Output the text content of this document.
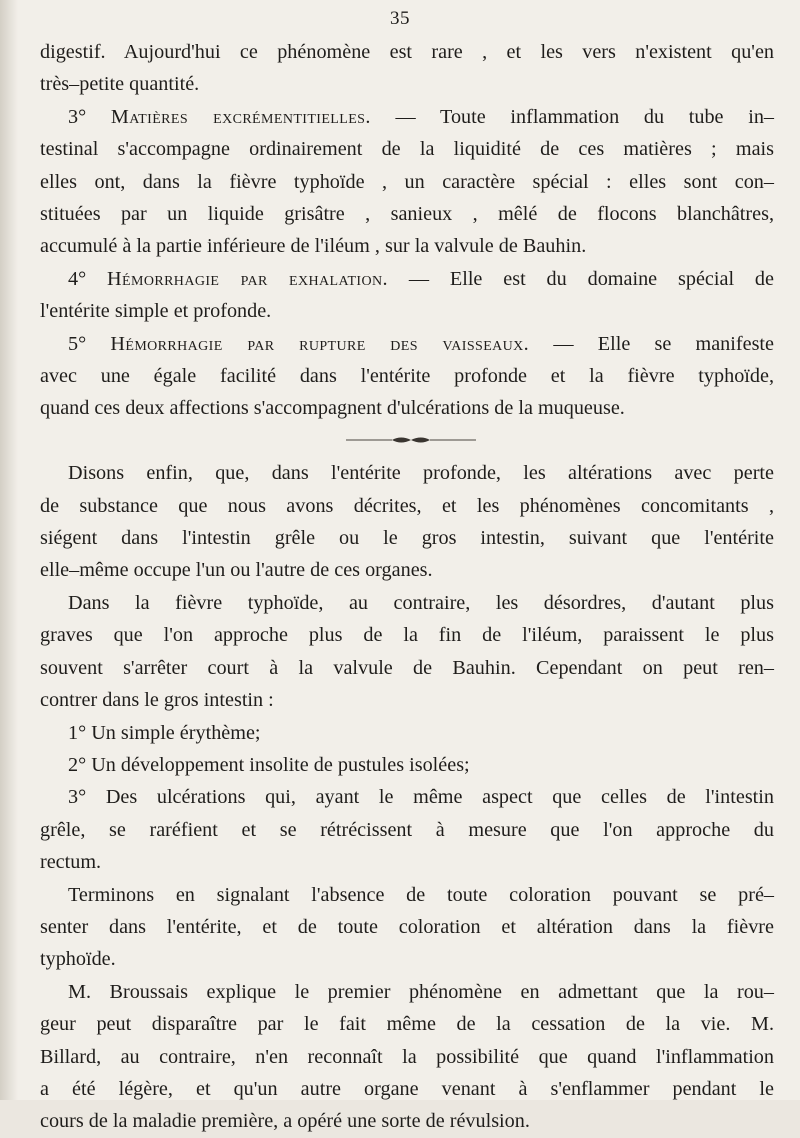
35
digestif. Aujourd'hui ce phénomène est rare , et les vers n'existent qu'en
très–petite quantité.
3° Matières excrémentitielles. — Toute inflammation du tube in–
testinal s'accompagne ordinairement de la liquidité de ces matières ; mais
elles ont, dans la fièvre typhoïde , un caractère spécial : elles sont con–
stituées par un liquide grisâtre , sanieux , mêlé de flocons blanchâtres,
accumulé à la partie inférieure de l'iléum , sur la valvule de Bauhin.
4° Hémorrhagie par exhalation. — Elle est du domaine spécial de
l'entérite simple et profonde.
5° Hémorrhagie par rupture des vaisseaux. — Elle se manifeste
avec une égale facilité dans l'entérite profonde et la fièvre typhoïde,
quand ces deux affections s'accompagnent d'ulcérations de la muqueuse.
Disons enfin, que, dans l'entérite profonde, les altérations avec perte
de substance que nous avons décrites, et les phénomènes concomitants ,
siégent dans l'intestin grêle ou le gros intestin, suivant que l'entérite
elle–même occupe l'un ou l'autre de ces organes.
Dans la fièvre typhoïde, au contraire, les désordres, d'autant plus
graves que l'on approche plus de la fin de l'iléum, paraissent le plus
souvent s'arrêter court à la valvule de Bauhin. Cependant on peut ren–
contrer dans le gros intestin :
1° Un simple érythème;
2° Un développement insolite de pustules isolées;
3° Des ulcérations qui, ayant le même aspect que celles de l'intestin
grêle, se raréfient et se rétrécissent à mesure que l'on approche du
rectum.
Terminons en signalant l'absence de toute coloration pouvant se pré–
senter dans l'entérite, et de toute coloration et altération dans la fièvre
typhoïde.
M. Broussais explique le premier phénomène en admettant que la rou–
geur peut disparaître par le fait même de la cessation de la vie. M.
Billard, au contraire, n'en reconnaît la possibilité que quand l'inflammation
a été légère, et qu'un autre organe venant à s'enflammer pendant le
cours de la maladie première, a opéré une sorte de révulsion.
